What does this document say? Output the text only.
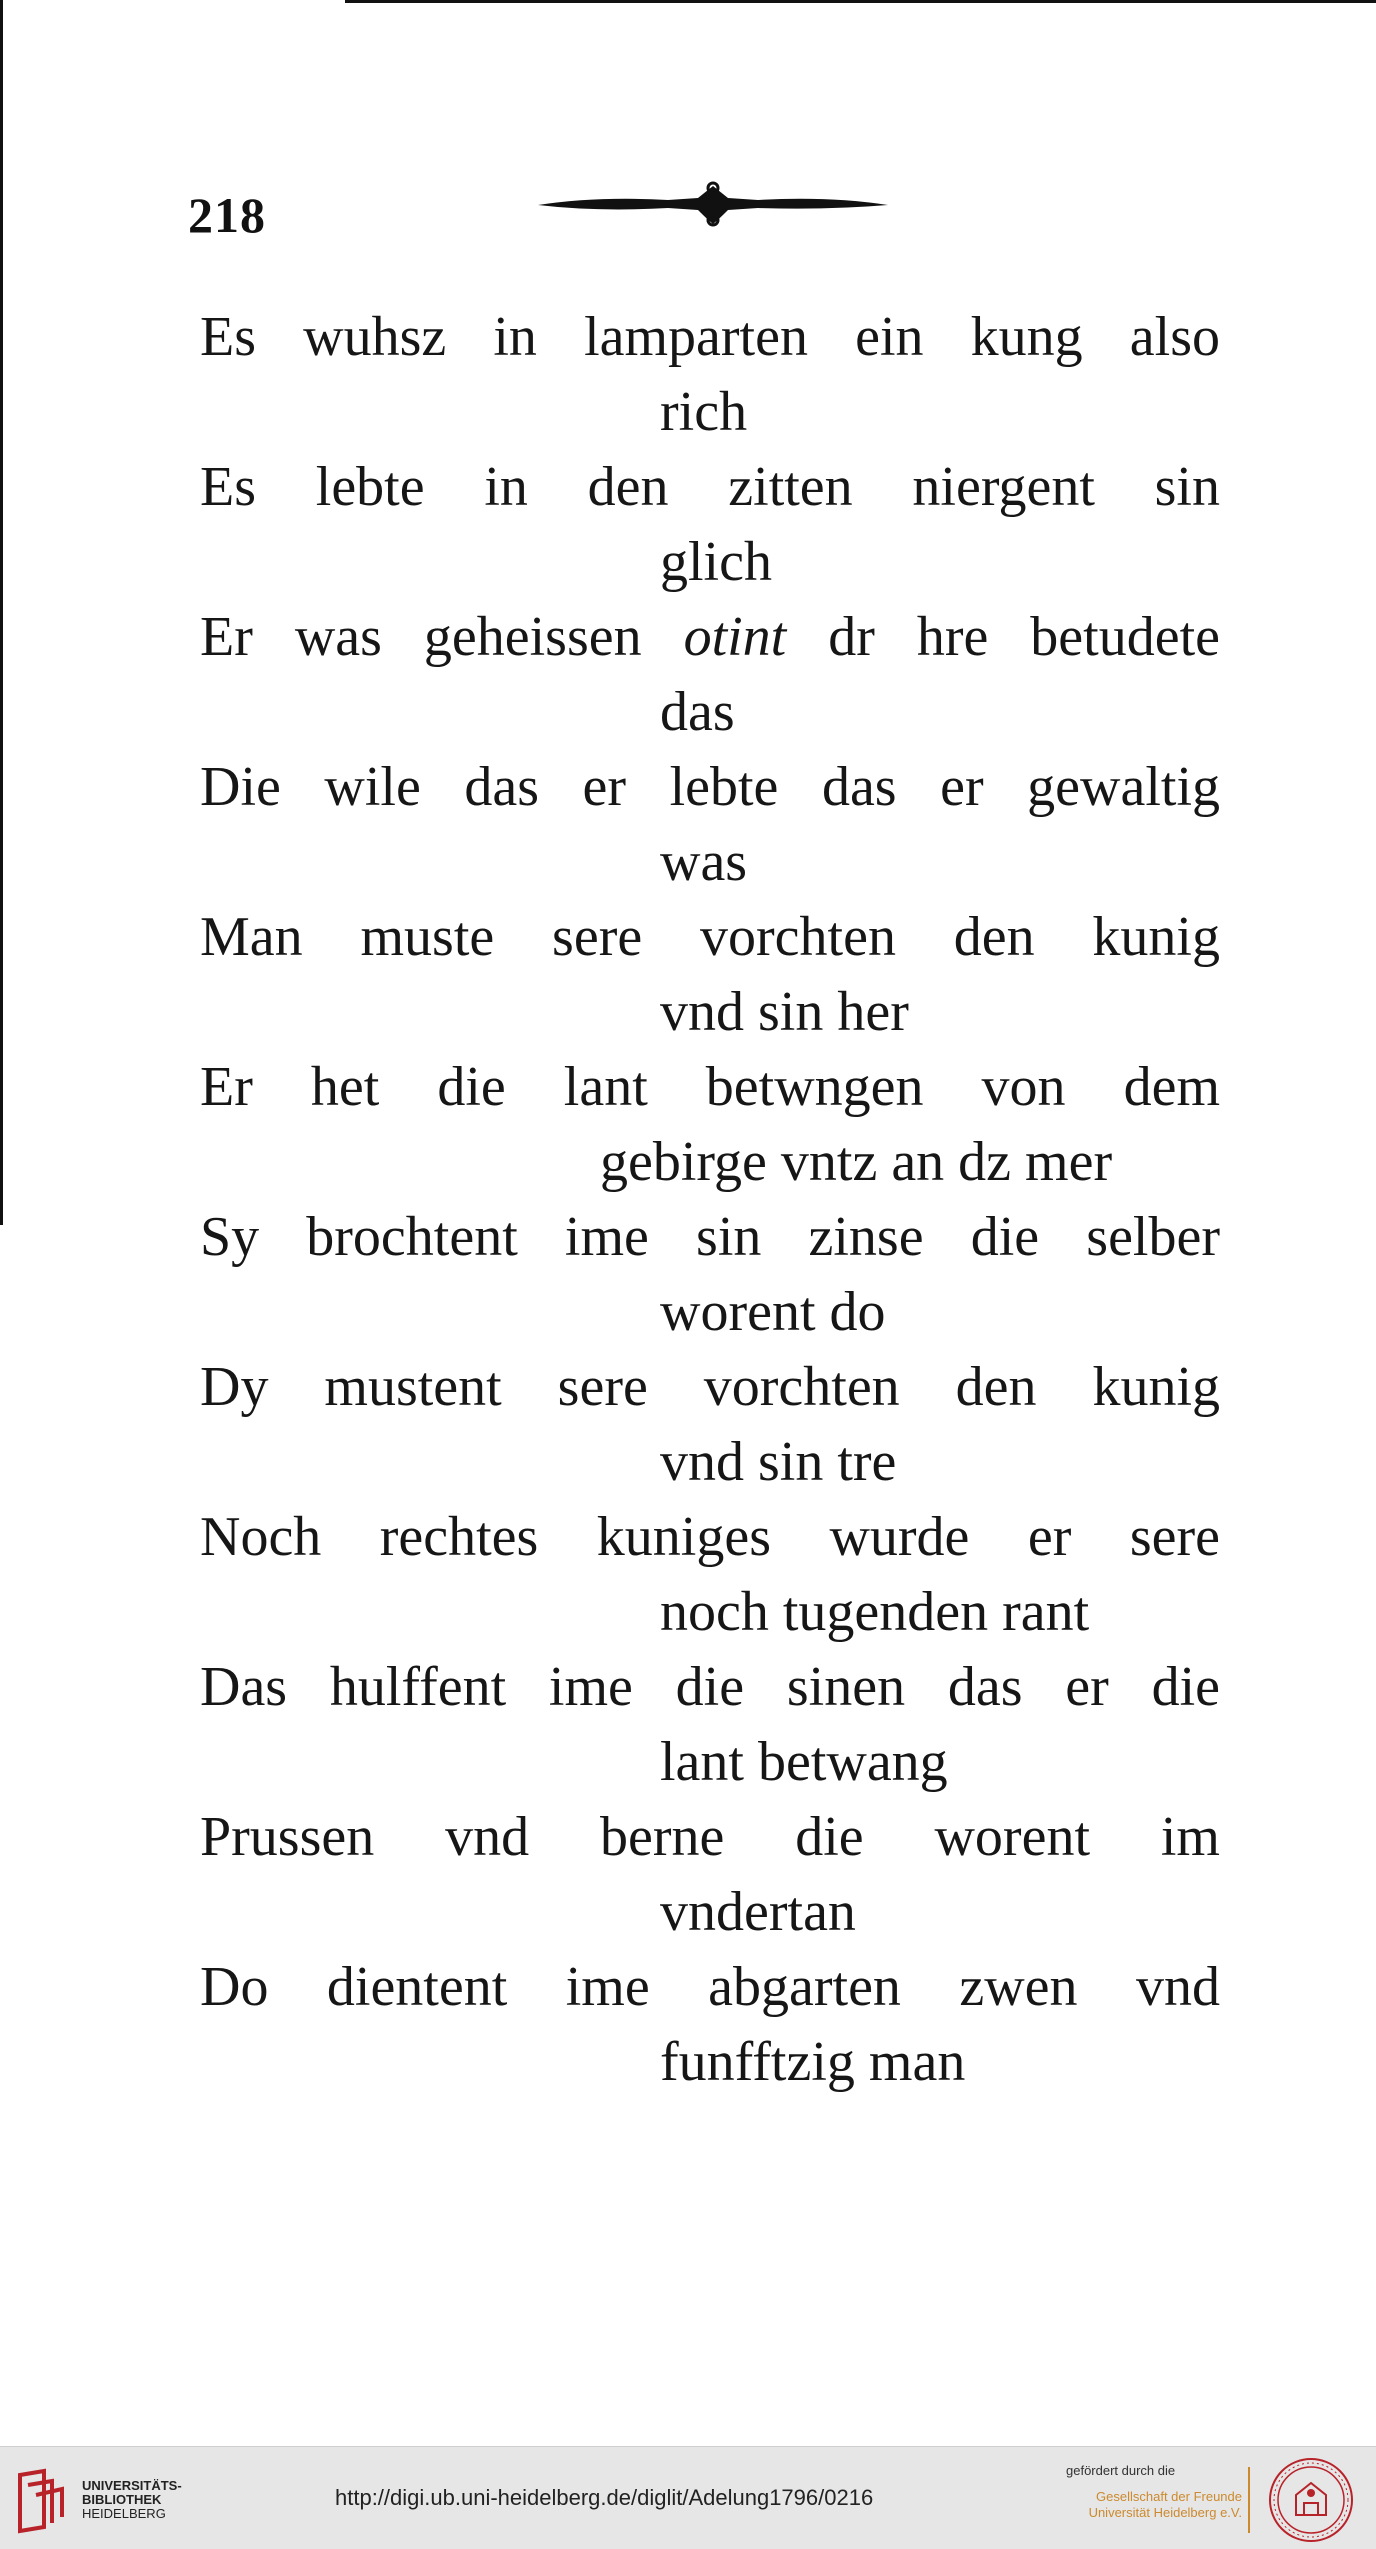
218
Es wuhsz in lamparten ein kung also
rich
Es lebte in den zitten niergent sin
glich
Er was geheissen otint dr hre betudete
das
Die wile das er lebte das er gewaltig
was
Man muste sere vorchten den kunig
vnd sin her
Er het die lant betwngen von dem
gebirge vntz an dz mer
Sy brochtent ime sin zinse die selber
worent do
Dy mustent sere vorchten den kunig
vnd sin tre
Noch rechtes kuniges wurde er sere
noch tugenden rant
Das hulffent ime die sinen das er die
lant betwang
Prussen vnd berne die worent im
vndertan
Do dientent ime abgarten zwen vnd
funfftzig man
UNIVERSITÄTS-
BIBLIOTHEK
HEIDELBERG
http://digi.ub.uni-heidelberg.de/diglit/Adelung1796/0216
gefördert durch die
Gesellschaft der Freunde
Universität Heidelberg e.V.
